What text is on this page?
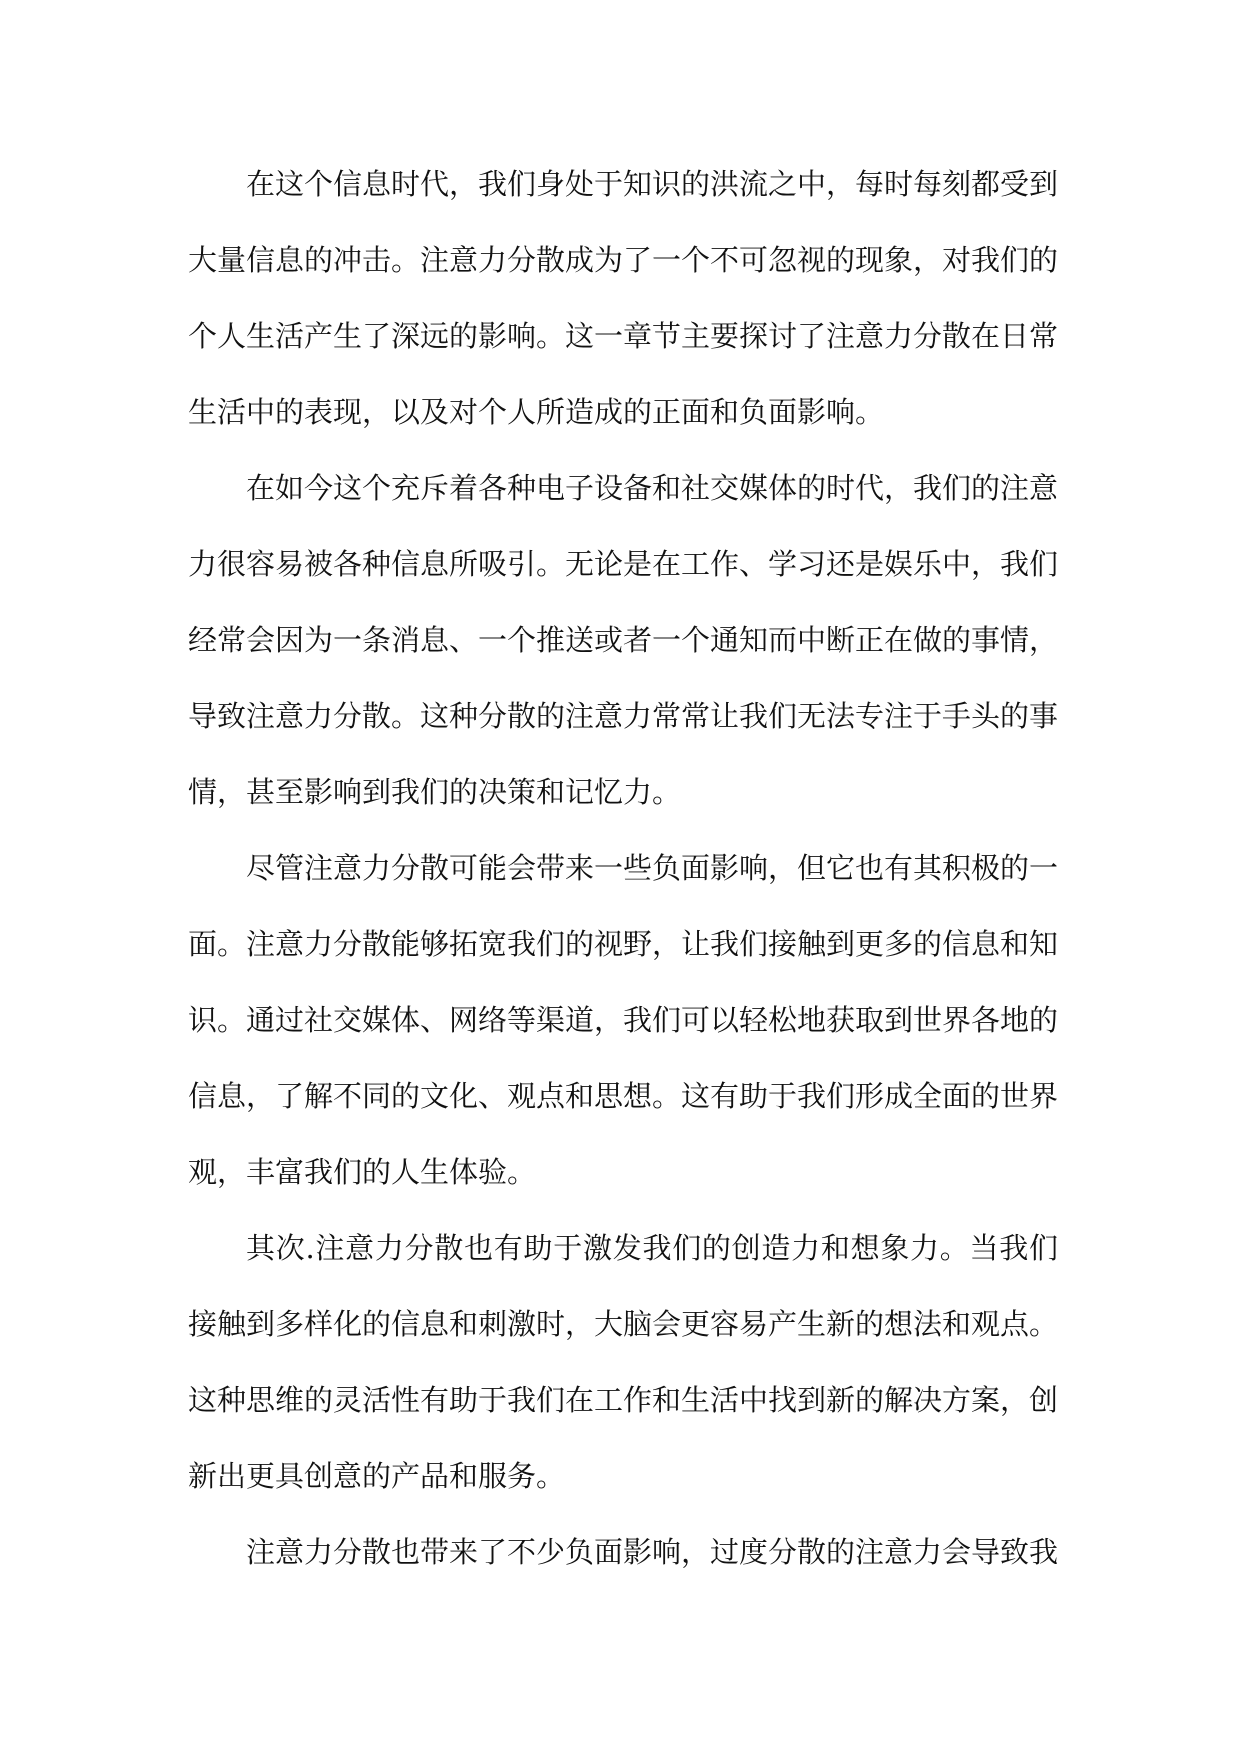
在这个信息时代，我们身处于知识的洪流之中，每时每刻都受到
大量信息的冲击。注意力分散成为了一个不可忽视的现象，对我们的
个人生活产生了深远的影响。这一章节主要探讨了注意力分散在日常
生活中的表现，以及对个人所造成的正面和负面影响。

在如今这个充斥着各种电子设备和社交媒体的时代，我们的注意
力很容易被各种信息所吸引。无论是在工作、学习还是娱乐中，我们
经常会因为一条消息、一个推送或者一个通知而中断正在做的事情，
导致注意力分散。这种分散的注意力常常让我们无法专注于手头的事
情，甚至影响到我们的决策和记忆力。

尽管注意力分散可能会带来一些负面影响，但它也有其积极的一
面。注意力分散能够拓宽我们的视野，让我们接触到更多的信息和知
识。通过社交媒体、网络等渠道，我们可以轻松地获取到世界各地的
信息，了解不同的文化、观点和思想。这有助于我们形成全面的世界
观，丰富我们的人生体验。

其次.注意力分散也有助于激发我们的创造力和想象力。当我们
接触到多样化的信息和刺激时，大脑会更容易产生新的想法和观点。
这种思维的灵活性有助于我们在工作和生活中找到新的解决方案，创
新出更具创意的产品和服务。

注意力分散也带来了不少负面影响，过度分散的注意力会导致我
